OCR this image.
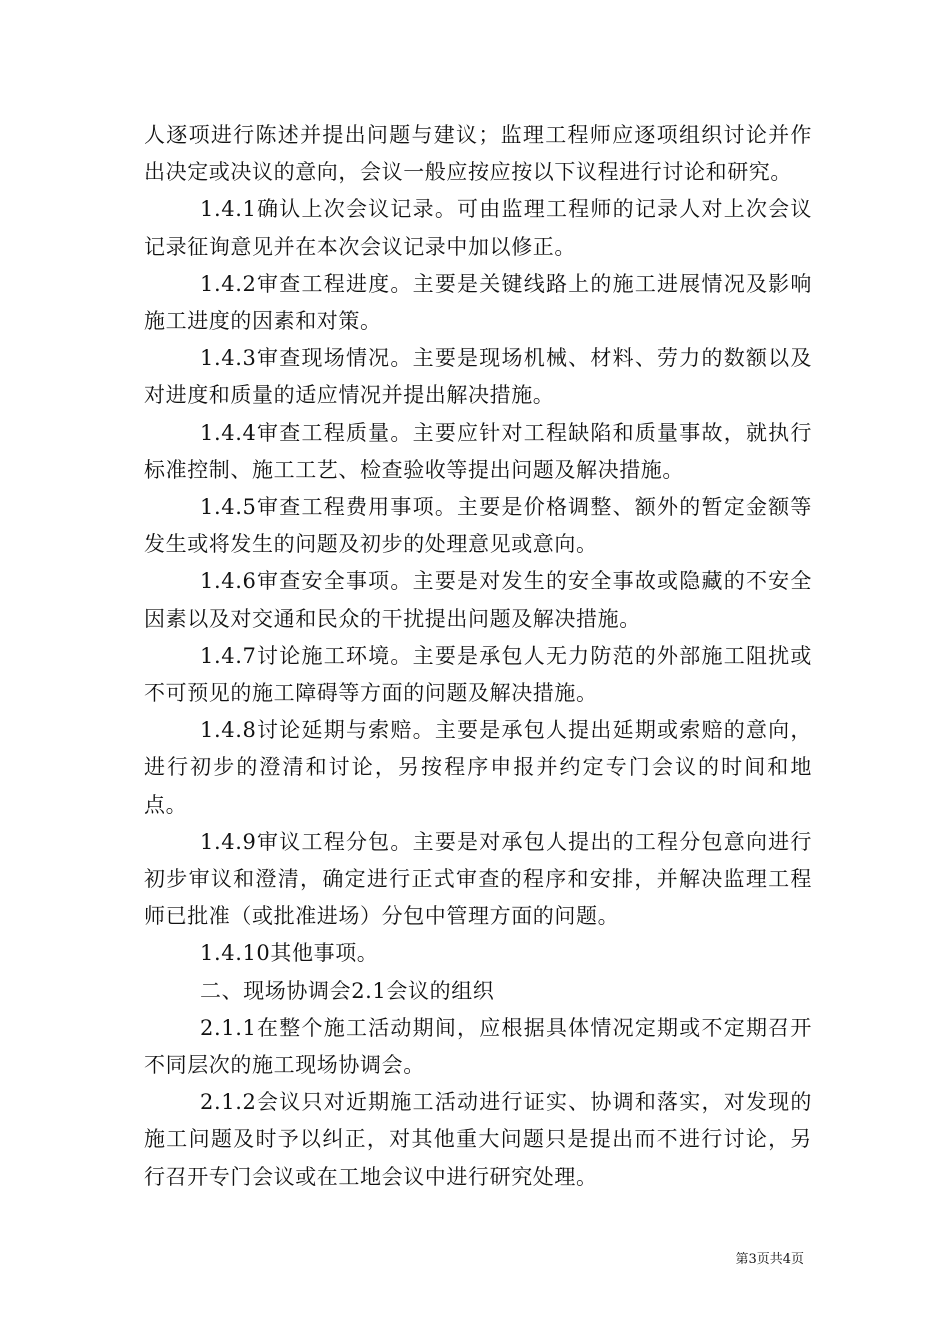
人逐项进行陈述并提出问题与建议；监理工程师应逐项组织讨论并作出决定或决议的意向，会议一般应按应按以下议程进行讨论和研究。

1.4.1确认上次会议记录。可由监理工程师的记录人对上次会议记录征询意见并在本次会议记录中加以修正。

1.4.2审查工程进度。主要是关键线路上的施工进展情况及影响施工进度的因素和对策。

1.4.3审查现场情况。主要是现场机械、材料、劳力的数额以及对进度和质量的适应情况并提出解决措施。

1.4.4审查工程质量。主要应针对工程缺陷和质量事故，就执行标准控制、施工工艺、检查验收等提出问题及解决措施。

1.4.5审查工程费用事项。主要是价格调整、额外的暂定金额等发生或将发生的问题及初步的处理意见或意向。

1.4.6审查安全事项。主要是对发生的安全事故或隐藏的不安全因素以及对交通和民众的干扰提出问题及解决措施。

1.4.7讨论施工环境。主要是承包人无力防范的外部施工阻扰或不可预见的施工障碍等方面的问题及解决措施。

1.4.8讨论延期与索赔。主要是承包人提出延期或索赔的意向，进行初步的澄清和讨论，另按程序申报并约定专门会议的时间和地点。

1.4.9审议工程分包。主要是对承包人提出的工程分包意向进行初步审议和澄清，确定进行正式审查的程序和安排，并解决监理工程师已批准（或批准进场）分包中管理方面的问题。

1.4.10其他事项。

二、现场协调会2.1会议的组织

2.1.1在整个施工活动期间，应根据具体情况定期或不定期召开不同层次的施工现场协调会。

2.1.2会议只对近期施工活动进行证实、协调和落实，对发现的施工问题及时予以纠正，对其他重大问题只是提出而不进行讨论，另行召开专门会议或在工地会议中进行研究处理。

第3页共4页
